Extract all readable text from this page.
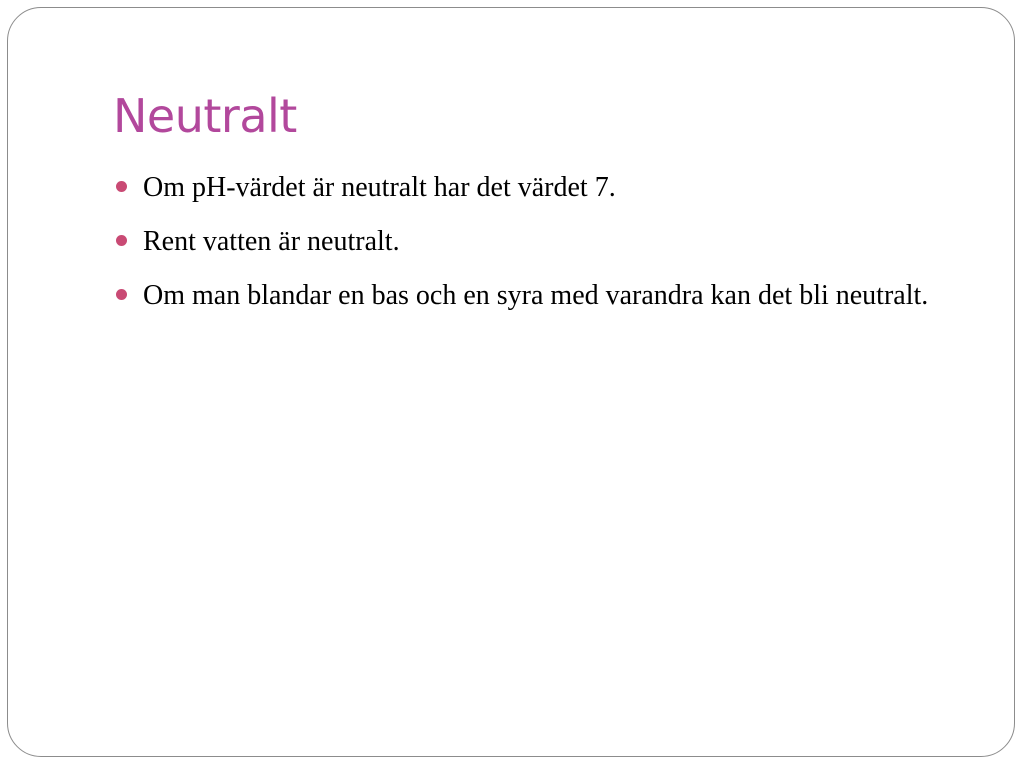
Neutralt
Om pH-värdet är neutralt har det värdet 7.
Rent vatten är neutralt.
Om man blandar en bas och en syra med varandra kan det bli neutralt.
